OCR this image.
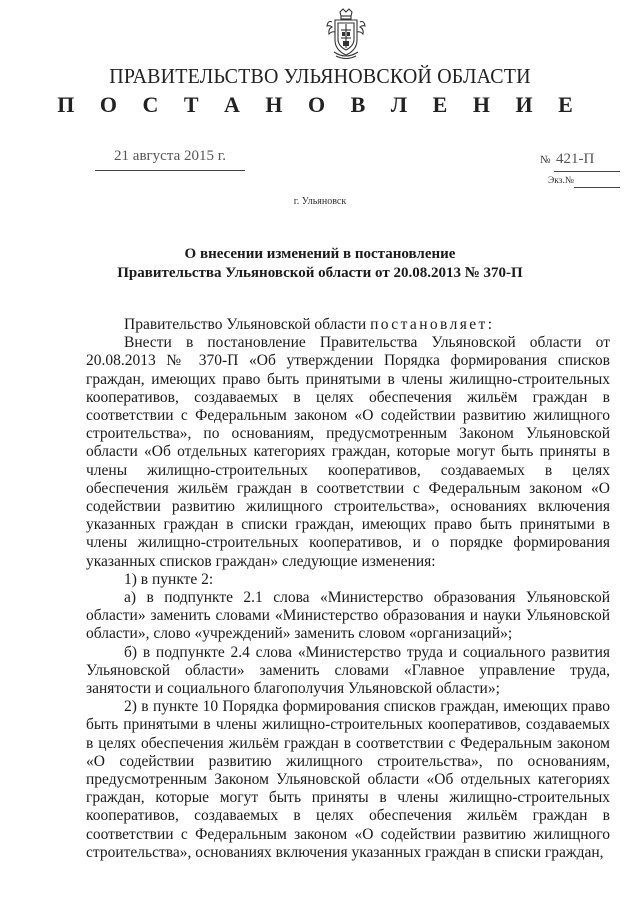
ПРАВИТЕЛЬСТВО УЛЬЯНОВСКОЙ ОБЛАСТИ
П О С Т А Н О В Л Е Н И Е
21 августа 2015 г.	№ 421-П
Экз.№
г. Ульяновск
О внесении изменений в постановление
Правительства Ульяновской области от 20.08.2013 № 370-П

Правительство Ульяновской области постановляет:

Внести в постановление Правительства Ульяновской области от 20.08.2013 № 370-П «Об утверждении Порядка формирования списков граждан, имеющих право быть принятыми в члены жилищно-строительных кооперативов, создаваемых в целях обеспечения жильём граждан в соответствии с Федеральным законом «О содействии развитию жилищного строительства», по основаниям, предусмотренным Законом Ульяновской области «Об отдельных категориях граждан, которые могут быть приняты в члены жилищно-строительных кооперативов, создаваемых в целях обеспечения жильём граждан в соответствии с Федеральным законом «О содействии развитию жилищного строительства», основаниях включения указанных граждан в списки граждан, имеющих право быть принятыми в члены жилищно-строительных кооперативов, и о порядке формирования указанных списков граждан» следующие изменения:

1) в пункте 2:

а) в подпункте 2.1 слова «Министерство образования Ульяновской области» заменить словами «Министерство образования и науки Ульяновской области», слово «учреждений» заменить словом «организаций»;

б) в подпункте 2.4 слова «Министерство труда и социального развития Ульяновской области» заменить словами «Главное управление труда, занятости и социального благополучия Ульяновской области»;

2) в пункте 10 Порядка формирования списков граждан, имеющих право быть принятыми в члены жилищно-строительных кооперативов, создаваемых в целях обеспечения жильём граждан в соответствии с Федеральным законом «О содействии развитию жилищного строительства», по основаниям, предусмотренным Законом Ульяновской области «Об отдельных категориях граждан, которые могут быть приняты в члены жилищно-строительных кооперативов, создаваемых в целях обеспечения жильём граждан в соответствии с Федеральным законом «О содействии развитию жилищного строительства», основаниях включения указанных граждан в списки граждан,
